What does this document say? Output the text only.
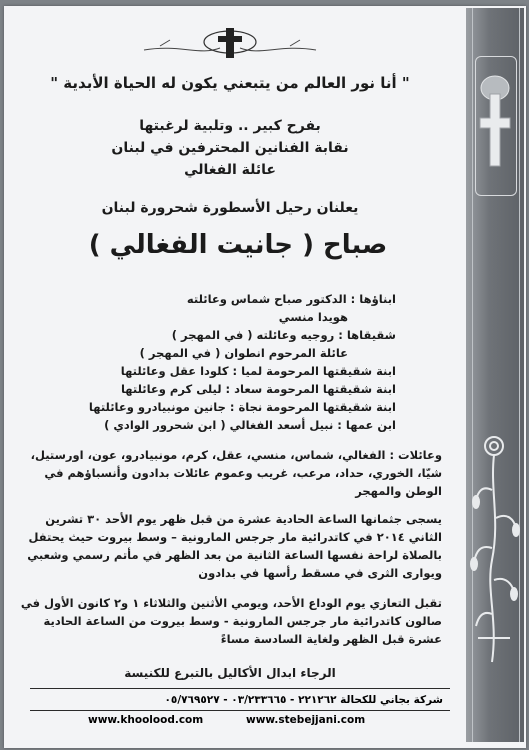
" أنا نور العالم من يتبعني يكون له الحياة الأبدية "
بفرح كبير .. وتلبية لرغبتها
نقابة الفنانين المحترفين في لبنان
عائلة الفغالي
يعلنان رحيل الأسطورة شحرورة لبنان
صباح ( جانيت الفغالي )
ابناؤها : الدكتور صباح شماس وعائلته
هويدا منسي
شقيقاها : روجيه وعائلته ( في المهجر )
عائلة المرحوم انطوان ( في المهجر )
ابنة شقيقتها المرحومة لميا : كلودا عقل وعائلتها
ابنة شقيقتها المرحومة سعاد : ليلى كرم وعائلتها
ابنة شقيقتها المرحومة نجاة : جانين مونبيادرو وعائلتها
ابن عمها : نبيل أسعد الفغالي ( ابن شحرور الوادي )
وعائلات : الفغالي، شماس، منسي، عقل، كرم، مونبيادرو، عون، اورستيل، شيّا، الخوري، حداد، مرعب، غريب وعموم عائلات بدادون وأنسباؤهم في الوطن والمهجر
يسجى جثمانها الساعة الحادية عشرة من قبل ظهر يوم الأحد ٣٠ تشرين الثاني ٢٠١٤ في كاتدرائية مار جرجس المارونية – وسط بيروت حيث يحتفل بالصلاة لراحة نفسها الساعة الثانية من بعد الظهر في مأتم رسمي وشعبي ويوارى الثرى في مسقط رأسها في بدادون
تقبل التعازي يوم الوداع الأحد، ويومي الأثنين والثلاثاء ١ و٢ كانون الأول في صالون كاتدرائية مار جرجس المارونية - وسط بيروت من الساعة الحادية عشرة قبل الظهر ولغاية السادسة مساءً
الرجاء ابدال الأكاليل بالتبرع للكنيسة
شركة بجاني للكحالة ٢٢١٢٦٢ - ٠٣/٢٣٣٦٦٥ - ٠٥/٧٦٩٥٢٧
www.khoolood.com	www.stebejjani.com
